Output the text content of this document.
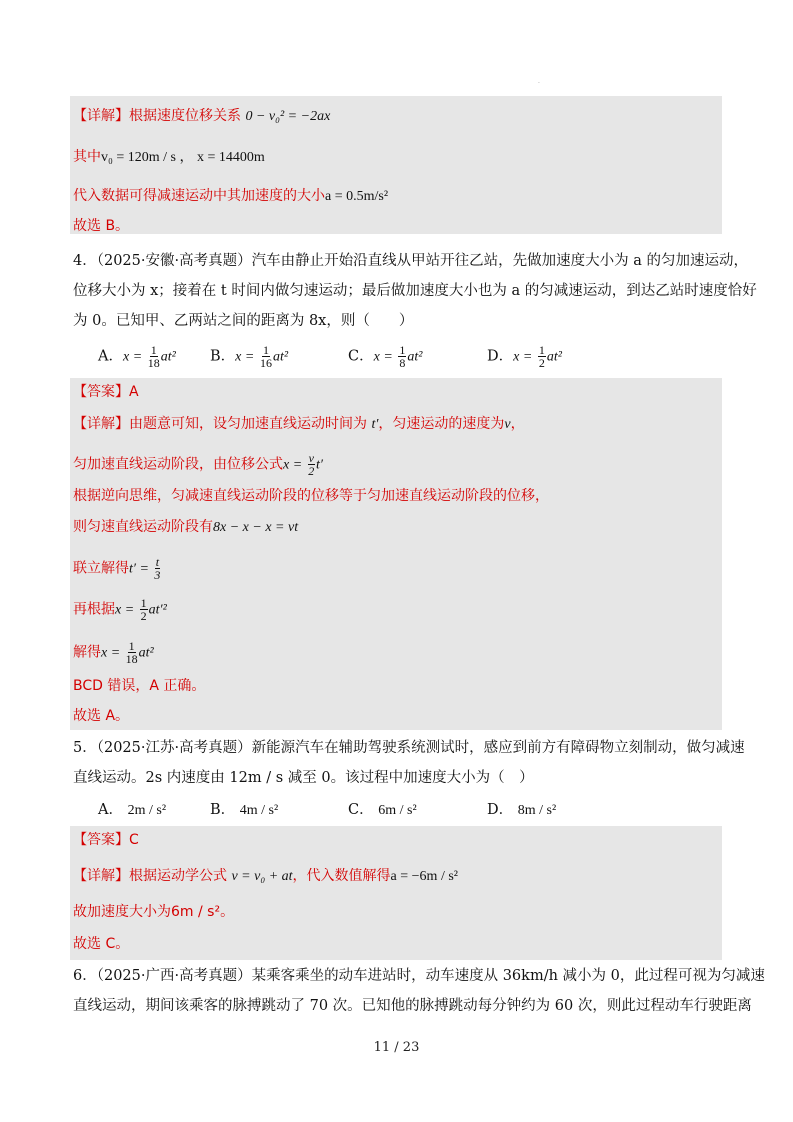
·
【详解】根据速度位移关系 0 − v₀² = −2ax
其中v₀ = 120m / s ， x = 14400m
代入数据可得减速运动中其加速度的大小a = 0.5m/s²
故选 B。
4．（2025·安徽·高考真题）汽车由静止开始沿直线从甲站开往乙站，先做加速度大小为 a 的匀加速运动，
位移大小为 x；接着在 t 时间内做匀速运动；最后做加速度大小也为 a 的匀减速运动，到达乙站时速度恰好
为 0。已知甲、乙两站之间的距离为 8x，则（　　）
A．$x = \frac{1}{18} at^2$ B．$x = \frac{1}{16} at^2$	C．$x = \frac{1}{8} at^2$	D．$x = \frac{1}{2} at^2$
【答案】A
【详解】由题意可知，设匀加速直线运动时间为 t′，匀速运动的速度为v，
匀加速直线运动阶段，由位移公式$x = \frac{v}{2} t'$
根据逆向思维，匀减速直线运动阶段的位移等于匀加速直线运动阶段的位移，
则匀速直线运动阶段有8x − x − x = vt
联立解得$t' = \frac{t}{3}$
再根据$x = \frac{1}{2} at'^2$
解得$x = \frac{1}{18} at^2$
BCD 错误，A 正确。
故选 A。
5．（2025·江苏·高考真题）新能源汽车在辅助驾驶系统测试时，感应到前方有障碍物立刻制动，做匀减速
直线运动。2s 内速度由 12m / s 减至 0。该过程中加速度大小为（　）
A． 2m / s²	B． 4m / s²	C． 6m / s²	D． 8m / s²
【答案】C
【详解】根据运动学公式 v = v₀ + at，代入数值解得a = −6m / s²
故加速度大小为6m / s²。
故选 C。
6．（2025·广西·高考真题）某乘客乘坐的动车进站时，动车速度从 36km/h 减小为 0，此过程可视为匀减速
直线运动，期间该乘客的脉搏跳动了 70 次。已知他的脉搏跳动每分钟约为 60 次，则此过程动车行驶距离
11 / 23
